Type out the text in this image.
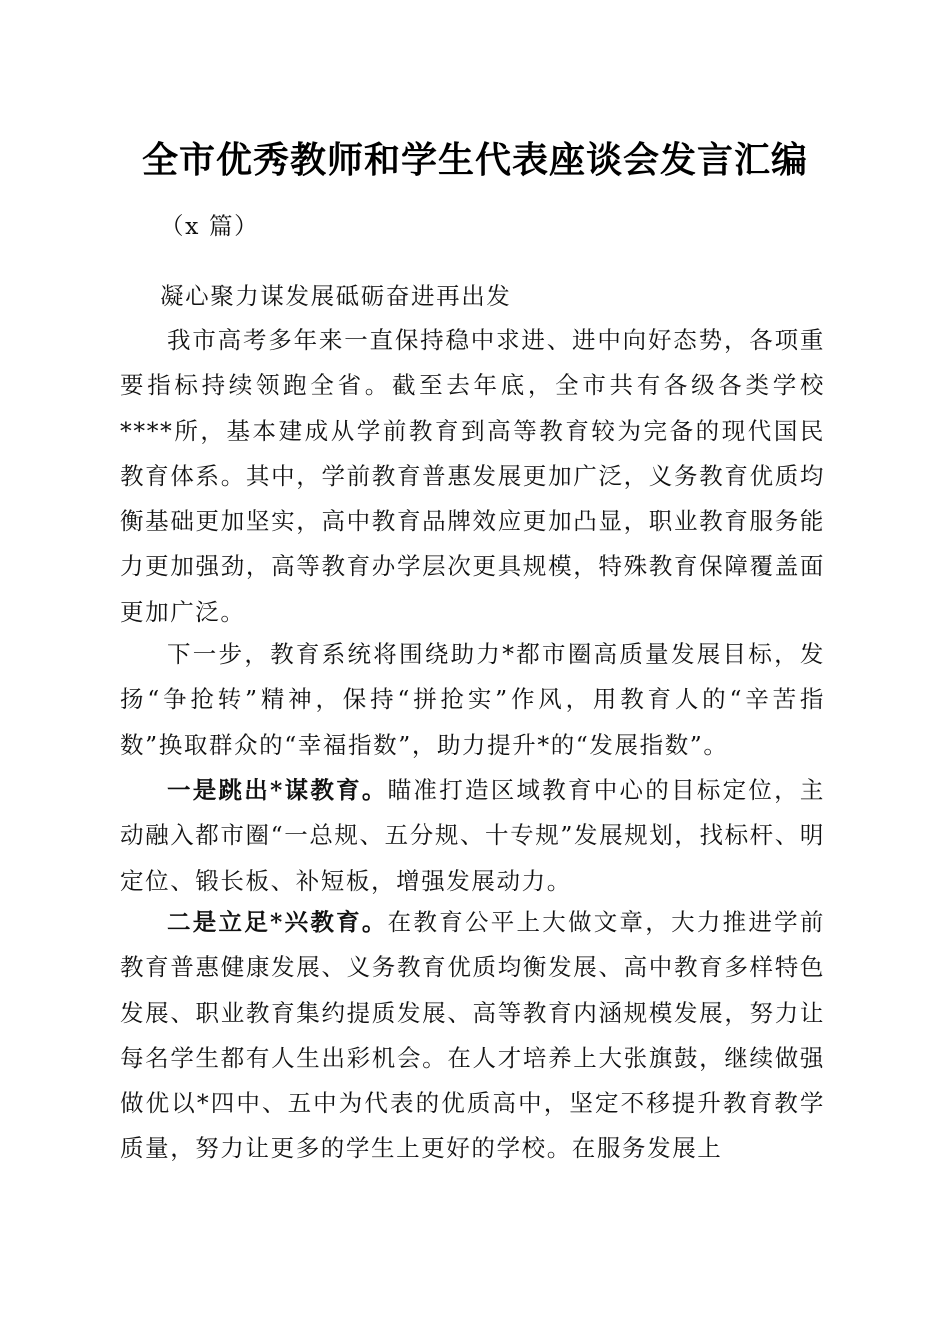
全市优秀教师和学生代表座谈会发言汇编
（x 篇）
凝心聚力谋发展砥砺奋进再出发
我市高考多年来一直保持稳中求进、进中向好态势，各项重要指标持续领跑全省。截至去年底，全市共有各级各类学校****所，基本建成从学前教育到高等教育较为完备的现代国民教育体系。其中，学前教育普惠发展更加广泛，义务教育优质均衡基础更加坚实，高中教育品牌效应更加凸显，职业教育服务能力更加强劲，高等教育办学层次更具规模，特殊教育保障覆盖面更加广泛。
下一步，教育系统将围绕助力*都市圈高质量发展目标，发扬“争抢转”精神，保持“拼抢实”作风，用教育人的“辛苦指数”换取群众的“幸福指数”，助力提升*的“发展指数”。
一是跳出*谋教育。瞄准打造区域教育中心的目标定位，主动融入都市圈“一总规、五分规、十专规”发展规划，找标杆、明定位、锻长板、补短板，增强发展动力。
二是立足*兴教育。在教育公平上大做文章，大力推进学前教育普惠健康发展、义务教育优质均衡发展、高中教育多样特色发展、职业教育集约提质发展、高等教育内涵规模发展，努力让每名学生都有人生出彩机会。在人才培养上大张旗鼓，继续做强做优以*四中、五中为代表的优质高中，坚定不移提升教育教学质量，努力让更多的学生上更好的学校。在服务发展上
